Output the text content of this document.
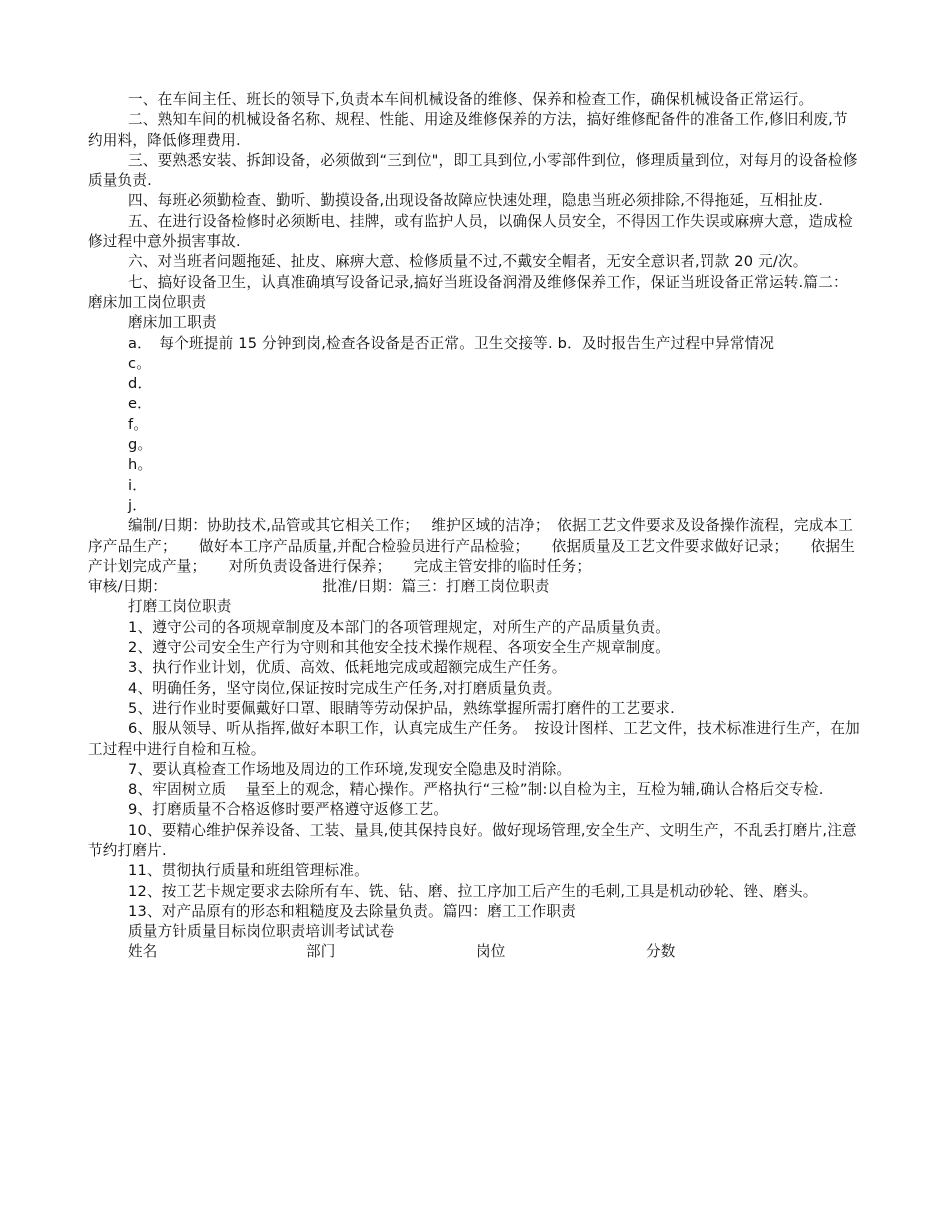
一、在车间主任、班长的领导下,负责本车间机械设备的维修、保养和检查工作，确保机械设备正常运行。

二、熟知车间的机械设备名称、规程、性能、用途及维修保养的方法，搞好维修配备件的准备工作,修旧利废,节约用料，降低修理费用.

三、要熟悉安装、拆卸设备，必须做到“三到位"，即工具到位,小零部件到位，修理质量到位，对每月的设备检修质量负责.

四、每班必须勤检查、勤听、勤摸设备,出现设备故障应快速处理，隐患当班必须排除,不得拖延，互相扯皮.

五、在进行设备检修时必须断电、挂牌，或有监护人员，以确保人员安全，不得因工作失误或麻痹大意，造成检修过程中意外损害事故.

六、对当班者问题拖延、扯皮、麻痹大意、检修质量不过,不戴安全帽者，无安全意识者,罚款 20 元/次。

七、搞好设备卫生，认真准确填写设备记录,搞好当班设备润滑及维修保养工作，保证当班设备正常运转.篇二：磨床加工岗位职责

磨床加工职责

a．　每个班提前 15 分钟到岗,检查各设备是否正常。卫生交接等. b．及时报告生产过程中异常情况

c。

d．

e．

f。

g。

h。

i．

j．

编制/日期：协助技术,品管或其它相关工作；　 维护区域的洁净；　依据工艺文件要求及设备操作流程，完成本工序产品生产；　　做好本工序产品质量,并配合检验员进行产品检验；　　依据质量及工艺文件要求做好记录；　　依据生产计划完成产量；　　对所负责设备进行保养；　　完成主管安排的临时任务；

审核/日期：　　　　　　　　　　　批准/日期：篇三：打磨工岗位职责

打磨工岗位职责

1、遵守公司的各项规章制度及本部门的各项管理规定，对所生产的产品质量负责。

2、遵守公司安全生产行为守则和其他安全技术操作规程、各项安全生产规章制度。

3、执行作业计划，优质、高效、低耗地完成或超额完成生产任务。

4、明确任务，坚守岗位,保证按时完成生产任务,对打磨质量负责。

5、进行作业时要佩戴好口罩、眼睛等劳动保护品，熟练掌握所需打磨件的工艺要求.

6、服从领导、听从指挥,做好本职工作，认真完成生产任务。　按设计图样、工艺文件，技术标准进行生产，在加工过程中进行自检和互检。

7、要认真检查工作场地及周边的工作环境,发现安全隐患及时消除。

8、牢固树立质　 量至上的观念，精心操作。严格执行“三检”制:以自检为主，互检为辅,确认合格后交专检.

9、打磨质量不合格返修时要严格遵守返修工艺。

10、要精心维护保养设备、工装、量具,使其保持良好。做好现场管理,安全生产、文明生产，不乱丢打磨片,注意节约打磨片.

11、贯彻执行质量和班组管理标准。

12、按工艺卡规定要求去除所有车、铣、钻、磨、拉工序加工后产生的毛刺,工具是机动砂轮、锉、磨头。

13、对产品原有的形态和粗糙度及去除量负责。篇四：磨工工作职责

质量方针质量目标岗位职责培训考试试卷

姓名	部门	岗位	分数
